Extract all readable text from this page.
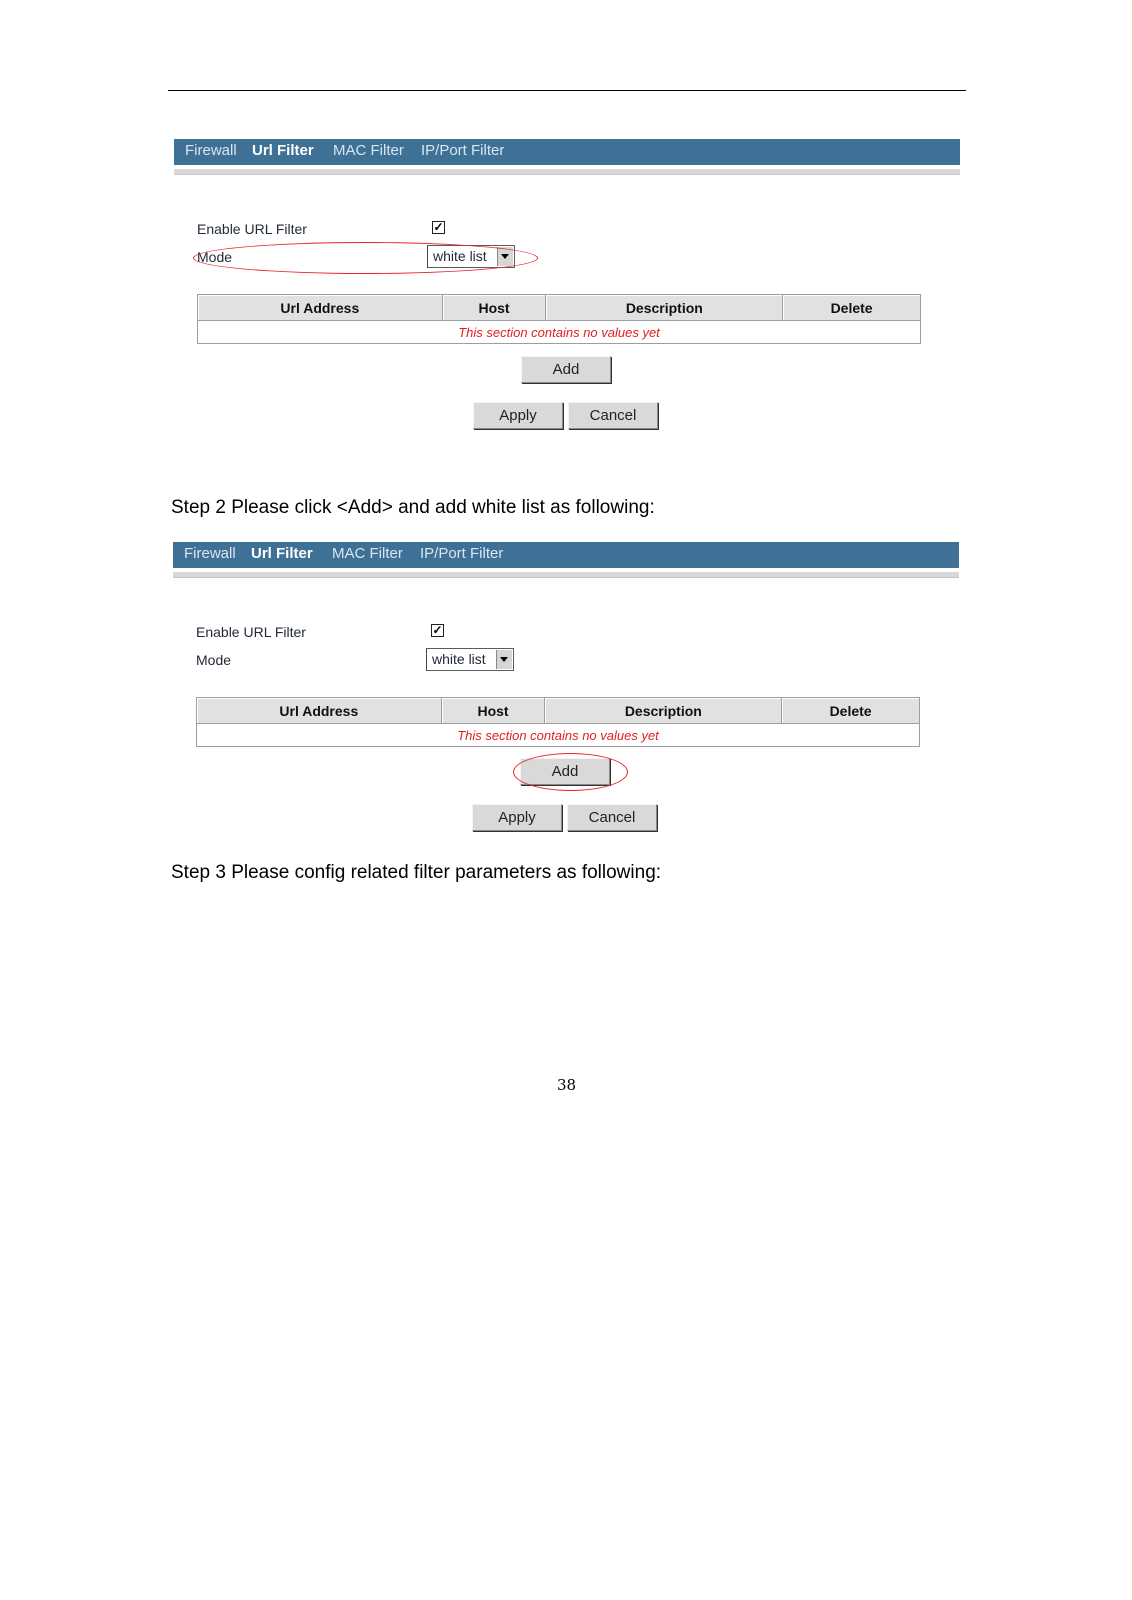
Firewall Url Filter MAC Filter IP/Port Filter
Enable URL Filter	✓
Mode	white list
Url Address	Host	Description	Delete
This section contains no values yet
Add
Apply	Cancel
Step 2 Please click <Add> and add white list as following:
Firewall Url Filter MAC Filter IP/Port Filter
Enable URL Filter	✓
Mode	white list
Url Address	Host	Description	Delete
This section contains no values yet
Add
Apply	Cancel
Step 3 Please config related filter parameters as following:
38
